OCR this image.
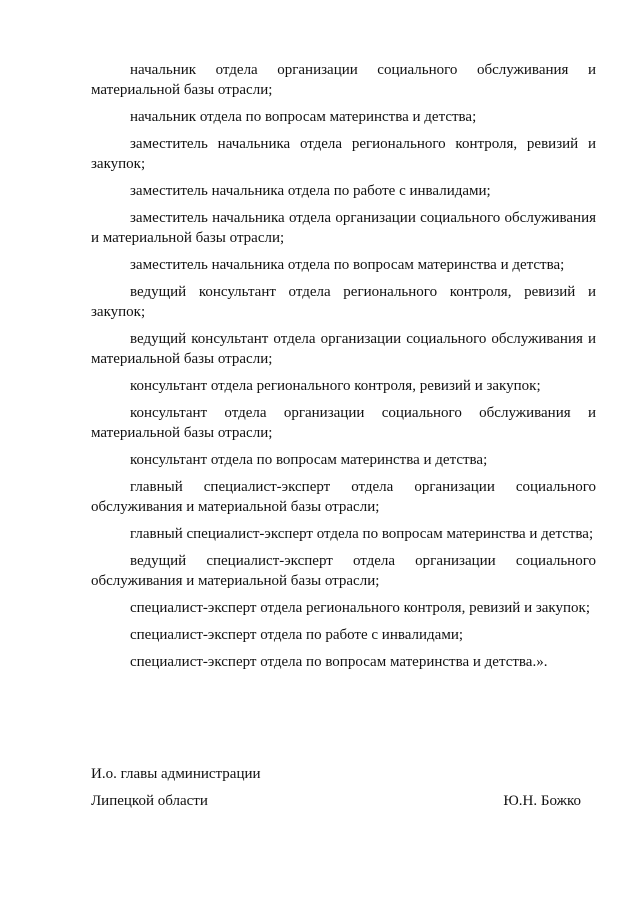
начальник отдела организации социального обслуживания и материальной базы отрасли;

начальник отдела по вопросам материнства и детства;

заместитель начальника отдела регионального контроля, ревизий и закупок;

заместитель начальника отдела по работе с инвалидами;

заместитель начальника отдела организации социального обслуживания и материальной базы отрасли;

заместитель начальника отдела по вопросам материнства и детства;

ведущий консультант отдела регионального контроля, ревизий и закупок;

ведущий консультант отдела организации социального обслуживания и материальной базы отрасли;

консультант отдела регионального контроля, ревизий и закупок;

консультант отдела организации социального обслуживания и материальной базы отрасли;

консультант отдела по вопросам материнства и детства;

главный специалист-эксперт отдела организации социального обслуживания и материальной базы отрасли;

главный специалист-эксперт отдела по вопросам материнства и детства;

ведущий специалист-эксперт отдела организации социального обслуживания и материальной базы отрасли;

специалист-эксперт отдела регионального контроля, ревизий и закупок;

специалист-эксперт отдела по работе с инвалидами;

специалист-эксперт отдела по вопросам материнства и детства.».

И.о. главы администрации

Липецкой области	Ю.Н. Божко
